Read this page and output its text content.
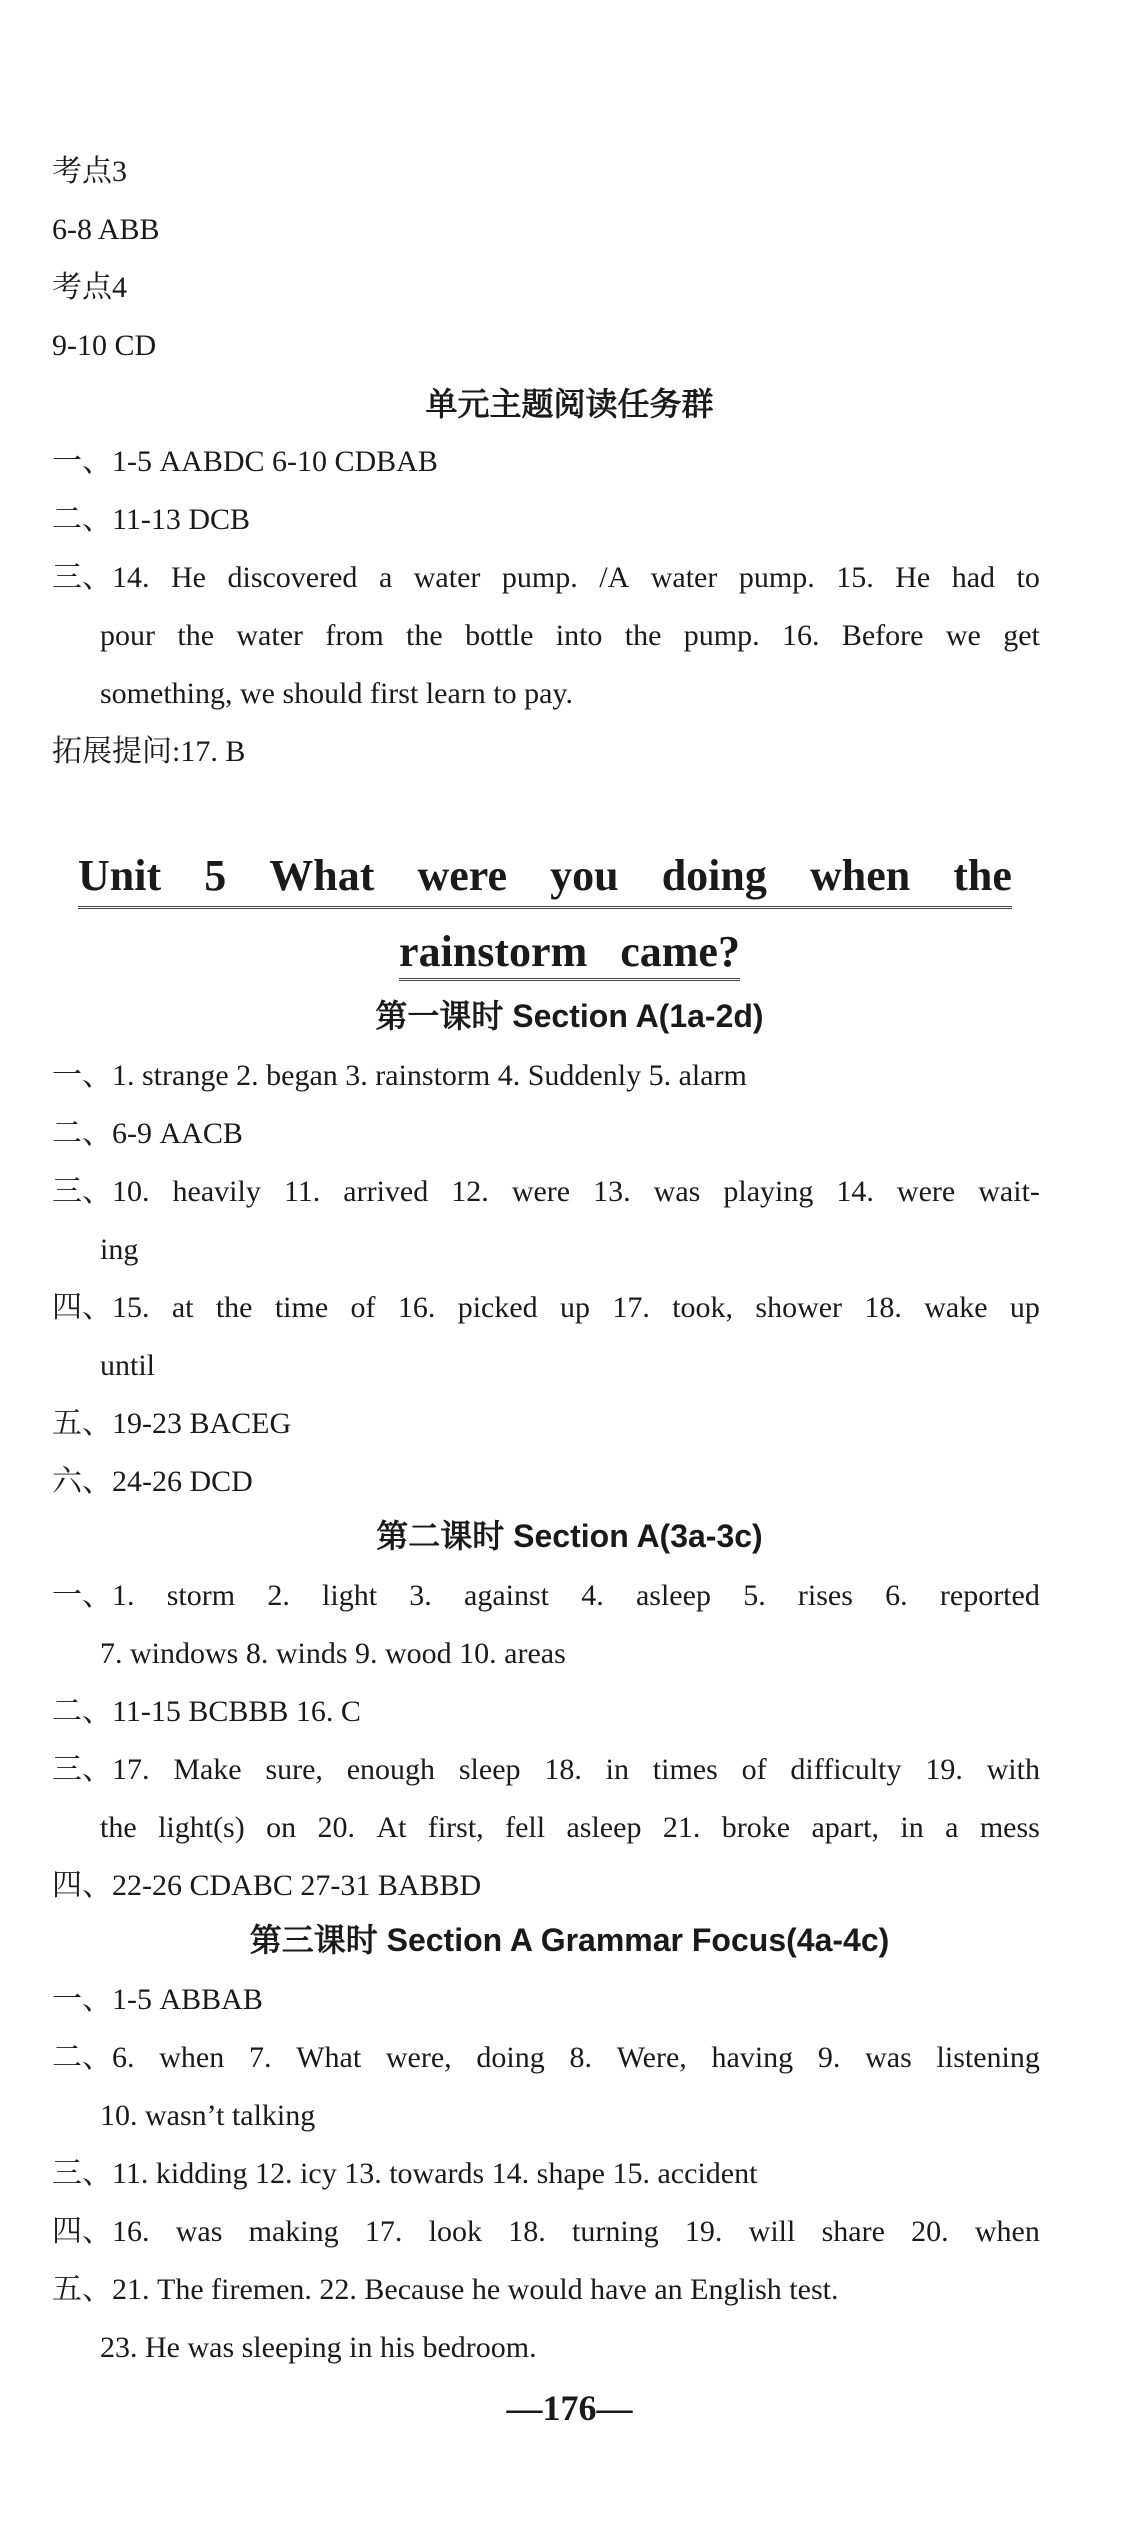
考点3
6-8 ABB
考点4
9-10 CD
单元主题阅读任务群
一、1-5 AABDC 6-10 CDBAB
二、11-13 DCB
三、14. He discovered a water pump. /A water pump. 15. He had to
pour the water from the bottle into the pump. 16. Before we get
something, we should first learn to pay.
拓展提问:17. B
Unit 5 What were you doing when the
rainstorm came?
第一课时 Section A(1a-2d)
一、1. strange 2. began 3. rainstorm 4. Suddenly 5. alarm
二、6-9 AACB
三、10. heavily 11. arrived 12. were 13. was playing 14. were wait-
ing
四、15. at the time of 16. picked up 17. took, shower 18. wake up
until
五、19-23 BACEG
六、24-26 DCD
第二课时 Section A(3a-3c)
一、1. storm 2. light 3. against 4. asleep 5. rises 6. reported
7. windows 8. winds 9. wood 10. areas
二、11-15 BCBBB 16. C
三、17. Make sure, enough sleep 18. in times of difficulty 19. with
the light(s) on 20. At first, fell asleep 21. broke apart, in a mess
四、22-26 CDABC 27-31 BABBD
第三课时 Section A Grammar Focus(4a-4c)
一、1-5 ABBAB
二、6. when 7. What were, doing 8. Were, having 9. was listening
10. wasn’t talking
三、11. kidding 12. icy 13. towards 14. shape 15. accident
四、16. was making 17. look 18. turning 19. will share 20. when
五、21. The firemen. 22. Because he would have an English test.
23. He was sleeping in his bedroom.
—176—
